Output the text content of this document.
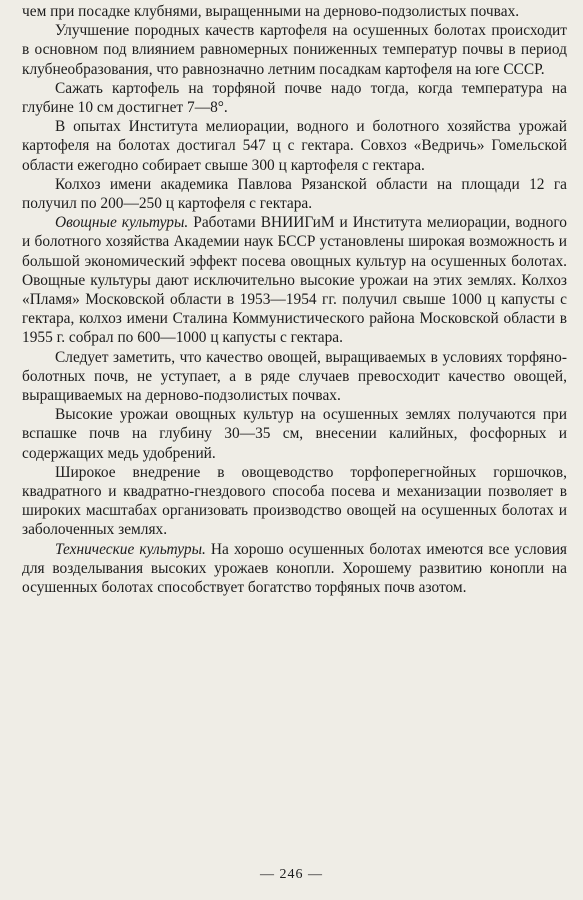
чем при посадке клубнями, выращенными на дерново-подзолистых почвах.

Улучшение породных качеств картофеля на осушенных болотах происходит в основном под влиянием равномерных пониженных температур почвы в период клубнеобразования, что равнозначно летним посадкам картофеля на юге СССР.

Сажать картофель на торфяной почве надо тогда, когда температура на глубине 10 см достигнет 7—8°.

В опытах Института мелиорации, водного и болотного хозяйства урожай картофеля на болотах достигал 547 ц с гектара. Совхоз «Ведричь» Гомельской области ежегодно собирает свыше 300 ц картофеля с гектара.

Колхоз имени академика Павлова Рязанской области на площади 12 га получил по 200—250 ц картофеля с гектара.

Овощные культуры. Работами ВНИИГиМ и Института мелиорации, водного и болотного хозяйства Академии наук БССР установлены широкая возможность и большой экономический эффект посева овощных культур на осушенных болотах. Овощные культуры дают исключительно высокие урожаи на этих землях. Колхоз «Пламя» Московской области в 1953—1954 гг. получил свыше 1000 ц капусты с гектара, колхоз имени Сталина Коммунистического района Московской области в 1955 г. собрал по 600—1000 ц капусты с гектара.

Следует заметить, что качество овощей, выращиваемых в условиях торфяно-болотных почв, не уступает, а в ряде случаев превосходит качество овощей, выращиваемых на дерново-подзолистых почвах.

Высокие урожаи овощных культур на осушенных землях получаются при вспашке почв на глубину 30—35 см, внесении калийных, фосфорных и содержащих медь удобрений.

Широкое внедрение в овощеводство торфоперегнойных горшочков, квадратного и квадратно-гнездового способа посева и механизации позволяет в широких масштабах организовать производство овощей на осушенных болотах и заболоченных землях.

Технические культуры. На хорошо осушенных болотах имеются все условия для возделывания высоких урожаев конопли. Хорошему развитию конопли на осушенных болотах способствует богатство торфяных почв азотом.

— 246 —
